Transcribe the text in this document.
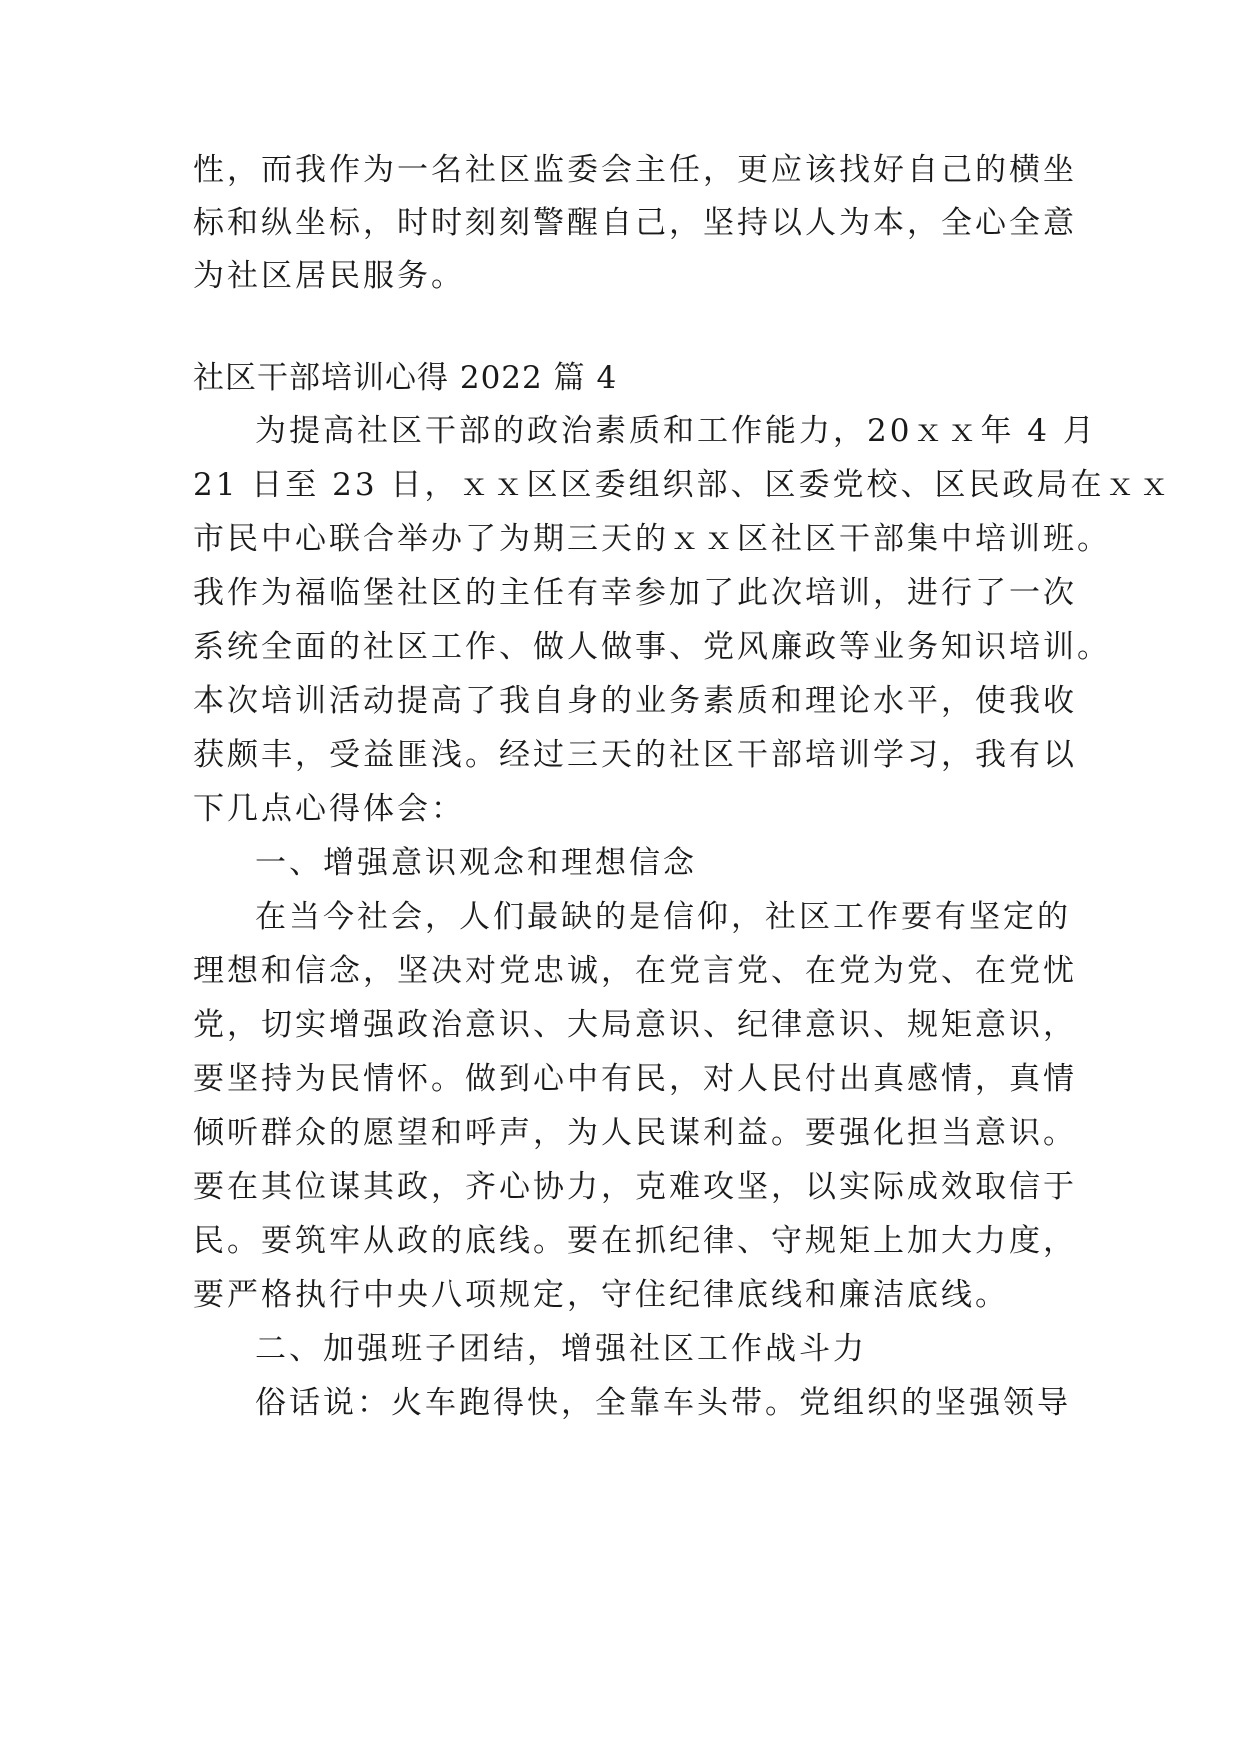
性，而我作为一名社区监委会主任，更应该找好自己的横坐
标和纵坐标，时时刻刻警醒自己，坚持以人为本，全心全意
为社区居民服务。
社区干部培训心得 2022 篇 4
为提高社区干部的政治素质和工作能力，20ｘｘ年 4 月
21 日至 23 日，ｘｘ区区委组织部、区委党校、区民政局在ｘｘ
市民中心联合举办了为期三天的ｘｘ区社区干部集中培训班。
我作为福临堡社区的主任有幸参加了此次培训，进行了一次
系统全面的社区工作、做人做事、党风廉政等业务知识培训。
本次培训活动提高了我自身的业务素质和理论水平，使我收
获颇丰，受益匪浅。经过三天的社区干部培训学习，我有以
下几点心得体会：
一、增强意识观念和理想信念
在当今社会，人们最缺的是信仰，社区工作要有坚定的
理想和信念，坚决对党忠诚，在党言党、在党为党、在党忧
党，切实增强政治意识、大局意识、纪律意识、规矩意识，
要坚持为民情怀。做到心中有民，对人民付出真感情，真情
倾听群众的愿望和呼声，为人民谋利益。要强化担当意识。
要在其位谋其政，齐心协力，克难攻坚，以实际成效取信于
民。要筑牢从政的底线。要在抓纪律、守规矩上加大力度，
要严格执行中央八项规定，守住纪律底线和廉洁底线。
二、加强班子团结，增强社区工作战斗力
俗话说：火车跑得快，全靠车头带。党组织的坚强领导
